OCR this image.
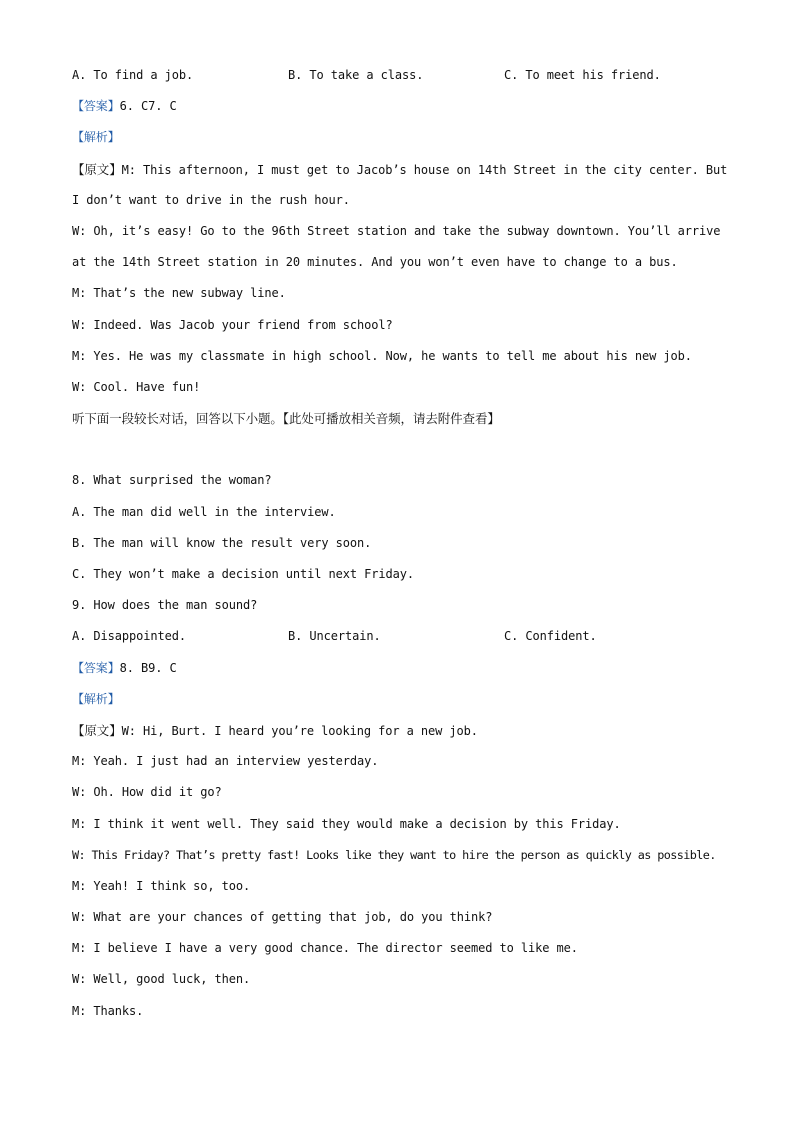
A. To find a job.	B. To take a class.	C. To meet his friend.
【答案】6. C7. C
【解析】
【原文】M: This afternoon, I must get to Jacob’s house on 14th Street in the city center. But
I don’t want to drive in the rush hour.
W: Oh, it’s easy! Go to the 96th Street station and take the subway downtown. You’ll arrive
at the 14th Street station in 20 minutes. And you won’t even have to change to a bus.
M: That’s the new subway line.
W: Indeed. Was Jacob your friend from school?
M: Yes. He was my classmate in high school. Now, he wants to tell me about his new job.
W: Cool. Have fun!
听下面一段较长对话，回答以下小题。【此处可播放相关音频，请去附件查看】
8. What surprised the woman?
A. The man did well in the interview.
B. The man will know the result very soon.
C. They won’t make a decision until next Friday.
9. How does the man sound?
A. Disappointed.	B. Uncertain.	C. Confident.
【答案】8. B9. C
【解析】
【原文】W: Hi, Burt. I heard you’re looking for a new job.
M: Yeah. I just had an interview yesterday.
W: Oh. How did it go?
M: I think it went well. They said they would make a decision by this Friday.
W: This Friday? That’s pretty fast! Looks like they want to hire the person as quickly as possible.
M: Yeah! I think so, too.
W: What are your chances of getting that job, do you think?
M: I believe I have a very good chance. The director seemed to like me.
W: Well, good luck, then.
M: Thanks.
